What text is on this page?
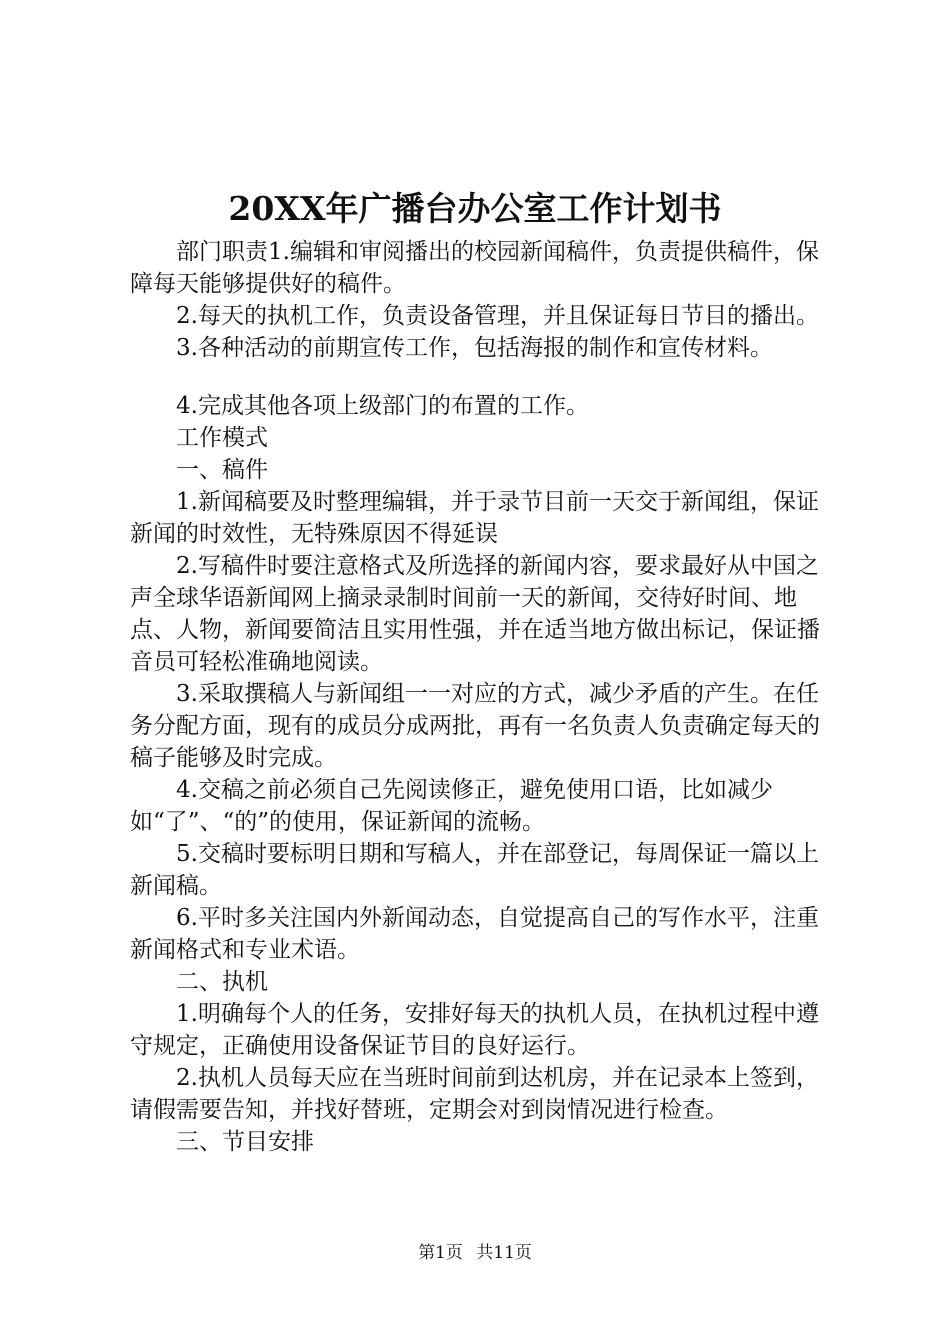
20XX年广播台办公室工作计划书

部门职责1.编辑和审阅播出的校园新闻稿件，负责提供稿件，保障每天能够提供好的稿件。

2.每天的执机工作，负责设备管理，并且保证每日节目的播出。

3.各种活动的前期宣传工作，包括海报的制作和宣传材料。

4.完成其他各项上级部门的布置的工作。

工作模式

一、稿件

1.新闻稿要及时整理编辑，并于录节目前一天交于新闻组，保证新闻的时效性，无特殊原因不得延误

2.写稿件时要注意格式及所选择的新闻内容，要求最好从中国之声全球华语新闻网上摘录录制时间前一天的新闻，交待好时间、地点、人物，新闻要简洁且实用性强，并在适当地方做出标记，保证播音员可轻松准确地阅读。

3.采取撰稿人与新闻组一一对应的方式，减少矛盾的产生。在任务分配方面，现有的成员分成两批，再有一名负责人负责确定每天的稿子能够及时完成。

4.交稿之前必须自己先阅读修正，避免使用口语，比如减少如“了”、“的”的使用，保证新闻的流畅。

5.交稿时要标明日期和写稿人，并在部登记，每周保证一篇以上新闻稿。

6.平时多关注国内外新闻动态，自觉提高自己的写作水平，注重新闻格式和专业术语。

二、执机

1.明确每个人的任务，安排好每天的执机人员，在执机过程中遵守规定，正确使用设备保证节目的良好运行。

2.执机人员每天应在当班时间前到达机房，并在记录本上签到，请假需要告知，并找好替班，定期会对到岗情况进行检查。

三、节目安排

第1页 共11页
